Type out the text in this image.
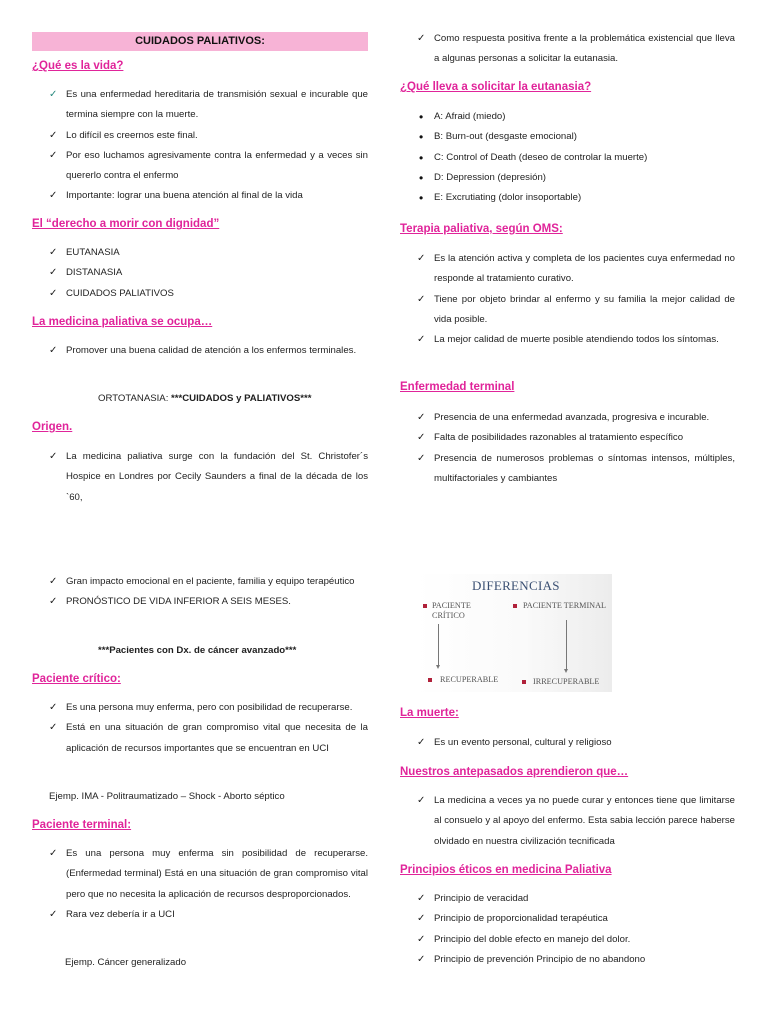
CUIDADOS PALIATIVOS:
¿Qué es la vida?
✓ Es una enfermedad hereditaria de transmisión sexual e incurable que termina siempre con la muerte.
✓ Lo difícil es creernos este final.
✓ Por eso luchamos agresivamente contra la enfermedad y a veces sin quererlo contra el enfermo
✓ Importante: lograr una buena atención al final de la vida
El “derecho a morir con dignidad”
✓ EUTANASIA
✓ DISTANASIA
✓ CUIDADOS PALIATIVOS
La medicina paliativa se ocupa…
✓ Promover una buena calidad de atención a los enfermos terminales.
ORTOTANASIA: ***CUIDADOS y PALIATIVOS***
Origen.
✓ La medicina paliativa surge con la fundación del St. Christofer´s Hospice en Londres por Cecily Saunders a final de la década de los `60,
✓ Gran impacto emocional en el paciente, familia y equipo terapéutico
✓ PRONÓSTICO DE VIDA INFERIOR A SEIS MESES.
***Pacientes con Dx. de cáncer avanzado***
Paciente crítico:
✓ Es una persona muy enferma, pero con posibilidad de recuperarse.
✓ Está en una situación de gran compromiso vital que necesita de la aplicación de recursos importantes que se encuentran en UCI
Ejemp. IMA - Politraumatizado – Shock - Aborto séptico
Paciente terminal:
✓ Es una persona muy enferma sin posibilidad de recuperarse. (Enfermedad terminal) Está en una situación de gran compromiso vital pero que no necesita la aplicación de recursos desproporcionados.
✓ Rara vez debería ir a UCI
Ejemp. Cáncer generalizado
✓ Como respuesta positiva frente a la problemática existencial que lleva a algunas personas a solicitar la eutanasia.
¿Qué lleva a solicitar la eutanasia?
• A: Afraid (miedo)
• B: Burn-out (desgaste emocional)
• C: Control of Death (deseo de controlar la muerte)
• D: Depression (depresión)
• E: Excrutiating (dolor insoportable)
Terapia paliativa, según OMS:
✓ Es la atención activa y completa de los pacientes cuya enfermedad no responde al tratamiento curativo.
✓ Tiene por objeto brindar al enfermo y su familia la mejor calidad de vida posible.
✓ La mejor calidad de muerte posible atendiendo todos los síntomas.
Enfermedad terminal
✓ Presencia de una enfermedad avanzada, progresiva e incurable.
✓ Falta de posibilidades razonables al tratamiento específico
✓ Presencia de numerosos problemas o síntomas intensos, múltiples, multifactoriales y cambiantes
DIFERENCIAS
PACIENTE
CRÍTICO
PACIENTE TERMINAL
RECUPERABLE	IRRECUPERABLE
La muerte:
✓ Es un evento personal, cultural y religioso
Nuestros antepasados aprendieron que…
✓ La medicina a veces ya no puede curar y entonces tiene que limitarse al consuelo y al apoyo del enfermo. Esta sabia lección parece haberse olvidado en nuestra civilización tecnificada
Principios éticos en medicina Paliativa
✓ Principio de veracidad
✓ Principio de proporcionalidad terapéutica
✓ Principio del doble efecto en manejo del dolor.
✓ Principio de prevención Principio de no abandono
